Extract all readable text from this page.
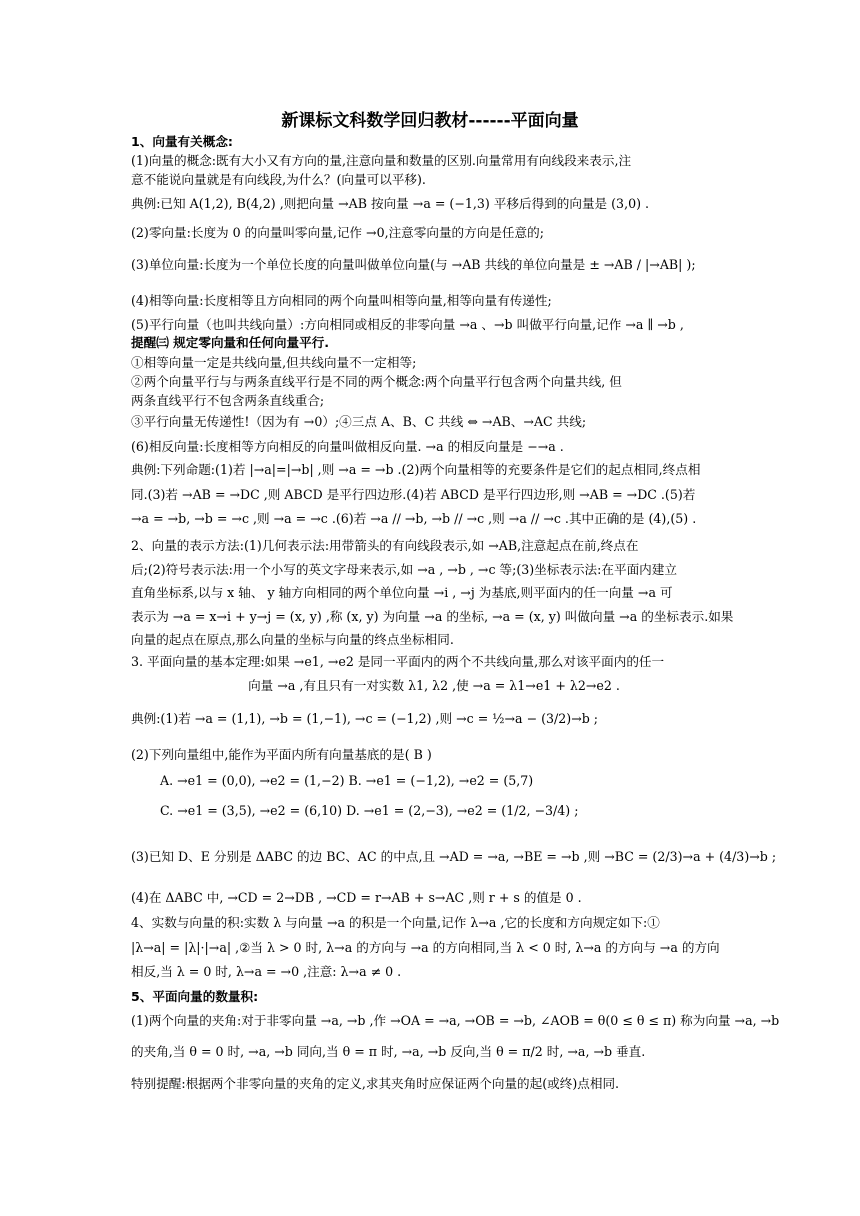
新课标文科数学回归教材------平面向量
1、向量有关概念:
(1)向量的概念:既有大小又有方向的量,注意向量和数量的区别.向量常用有向线段来表示,注
意不能说向量就是有向线段,为什么？(向量可以平移).
典例:已知 A(1,2), B(4,2) ,则把向量 →AB 按向量 →a = (−1,3) 平移后得到的向量是 (3,0) .
(2)零向量:长度为 0 的向量叫零向量,记作 →0,注意零向量的方向是任意的;
(3)单位向量:长度为一个单位长度的向量叫做单位向量(与 →AB 共线的单位向量是 ± →AB / |→AB| );
(4)相等向量:长度相等且方向相同的两个向量叫相等向量,相等向量有传递性;
(5)平行向量（也叫共线向量）:方向相同或相反的非零向量 →a 、→b 叫做平行向量,记作 →a ∥ →b ,
提醒㈢ 规定零向量和任何向量平行.
①相等向量一定是共线向量,但共线向量不一定相等;
②两个向量平行与与两条直线平行是不同的两个概念:两个向量平行包含两个向量共线, 但
两条直线平行不包含两条直线重合;
③平行向量无传递性!（因为有 →0）;④三点 A、B、C 共线 ⇔ →AB、→AC 共线;
(6)相反向量:长度相等方向相反的向量叫做相反向量. →a 的相反向量是 −→a .
典例:下列命题:(1)若 |→a|=|→b| ,则 →a = →b .(2)两个向量相等的充要条件是它们的起点相同,终点相
同.(3)若 →AB = →DC ,则 ABCD 是平行四边形.(4)若 ABCD 是平行四边形,则 →AB = →DC .(5)若
→a = →b, →b = →c ,则 →a = →c .(6)若 →a // →b, →b // →c ,则 →a // →c .其中正确的是 (4),(5) .
2、向量的表示方法:(1)几何表示法:用带箭头的有向线段表示,如 →AB,注意起点在前,终点在
后;(2)符号表示法:用一个小写的英文字母来表示,如 →a , →b , →c 等;(3)坐标表示法:在平面内建立
直角坐标系,以与 x 轴、 y 轴方向相同的两个单位向量 →i , →j 为基底,则平面内的任一向量 →a 可
表示为 →a = x→i + y→j = (x, y) ,称 (x, y) 为向量 →a 的坐标, →a = (x, y) 叫做向量 →a 的坐标表示.如果
向量的起点在原点,那么向量的坐标与向量的终点坐标相同.
3. 平面向量的基本定理:如果 →e1, →e2 是同一平面内的两个不共线向量,那么对该平面内的任一
向量 →a ,有且只有一对实数 λ1, λ2 ,使 →a = λ1→e1 + λ2→e2 .
典例:(1)若 →a = (1,1), →b = (1,−1), →c = (−1,2) ,则 →c = ½→a − (3/2)→b ;
(2)下列向量组中,能作为平面内所有向量基底的是( B )
A. →e1 = (0,0), →e2 = (1,−2) B. →e1 = (−1,2), →e2 = (5,7)
C. →e1 = (3,5), →e2 = (6,10) D. →e1 = (2,−3), →e2 = (1/2, −3/4) ;
(3)已知 D、E 分别是 ΔABC 的边 BC、AC 的中点,且 →AD = →a, →BE = →b ,则 →BC = (2/3)→a + (4/3)→b ;
(4)在 ΔABC 中, →CD = 2→DB , →CD = r→AB + s→AC ,则 r + s 的值是 0 .
4、实数与向量的积:实数 λ 与向量 →a 的积是一个向量,记作 λ→a ,它的长度和方向规定如下:①
|λ→a| = |λ|·|→a| ,②当 λ > 0 时, λ→a 的方向与 →a 的方向相同,当 λ < 0 时, λ→a 的方向与 →a 的方向
相反,当 λ = 0 时, λ→a = →0 ,注意: λ→a ≠ 0 .
5、平面向量的数量积:
(1)两个向量的夹角:对于非零向量 →a, →b ,作 →OA = →a, →OB = →b, ∠AOB = θ(0 ≤ θ ≤ π) 称为向量 →a, →b
的夹角,当 θ = 0 时, →a, →b 同向,当 θ = π 时, →a, →b 反向,当 θ = π/2 时, →a, →b 垂直.
特别提醒:根据两个非零向量的夹角的定义,求其夹角时应保证两个向量的起(或终)点相同.
